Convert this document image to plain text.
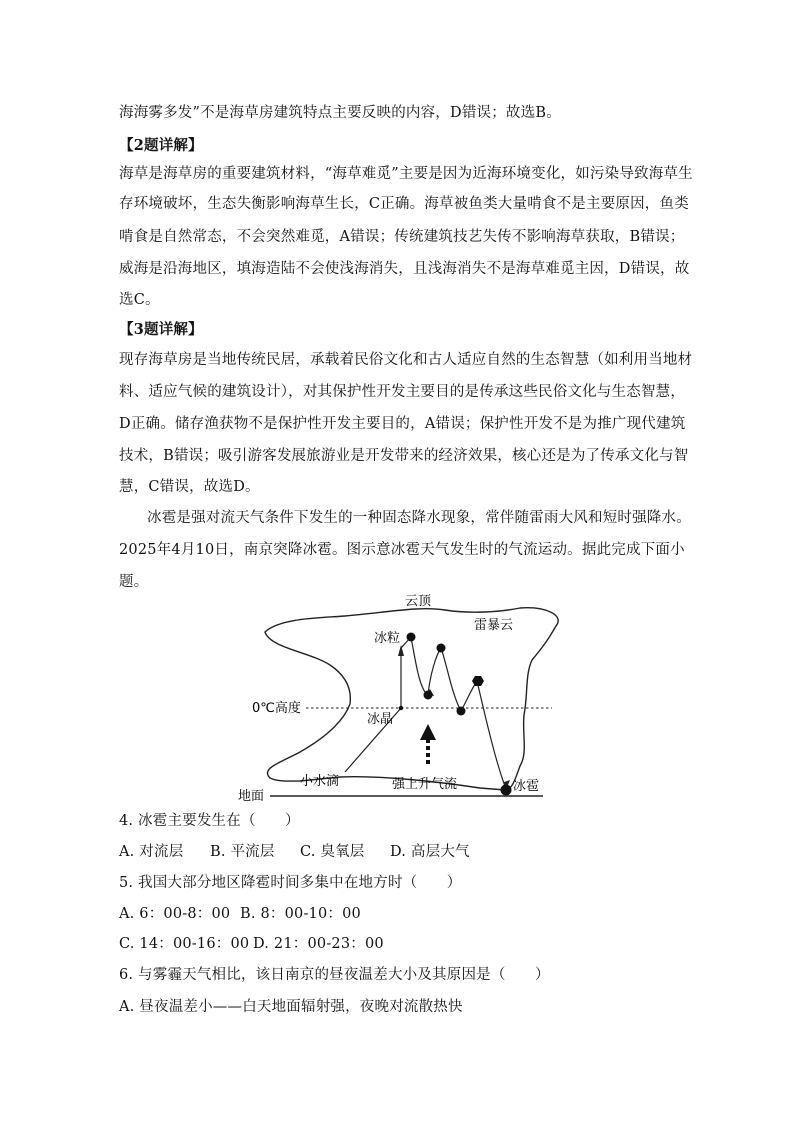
海海雾多发”不是海草房建筑特点主要反映的内容，D错误；故选B。
【2题详解】
海草是海草房的重要建筑材料，“海草难觅”主要是因为近海环境变化，如污染导致海草生
存环境破坏，生态失衡影响海草生长，C正确。海草被鱼类大量啃食不是主要原因，鱼类
啃食是自然常态，不会突然难觅，A错误；传统建筑技艺失传不影响海草获取，B错误；
威海是沿海地区，填海造陆不会使浅海消失，且浅海消失不是海草难觅主因，D错误，故
选C。
【3题详解】
现存海草房是当地传统民居，承载着民俗文化和古人适应自然的生态智慧（如利用当地材
料、适应气候的建筑设计），对其保护性开发主要目的是传承这些民俗文化与生态智慧，
D正确。储存渔获物不是保护性开发主要目的，A错误；保护性开发不是为推广现代建筑
技术，B错误；吸引游客发展旅游业是开发带来的经济效果，核心还是为了传承文化与智
慧，C错误，故选D。
冰雹是强对流天气条件下发生的一种固态降水现象，常伴随雷雨大风和短时强降水。
2025年4月10日，南京突降冰雹。图示意冰雹天气发生时的气流运动。据此完成下面小
题。
云顶
雷暴云
冰粒
0℃高度
冰晶
小水滴	强上升气流	冰雹
地面
4. 冰雹主要发生在（　　）
A. 对流层 B. 平流层 C. 臭氧层 D. 高层大气
5. 我国大部分地区降雹时间多集中在地方时（　　）
A. 6：00-8：00 B. 8：00-10：00
C. 14：00-16：00 D. 21：00-23：00
6. 与雾霾天气相比，该日南京的昼夜温差大小及其原因是（　　）
A. 昼夜温差小——白天地面辐射强，夜晚对流散热快
